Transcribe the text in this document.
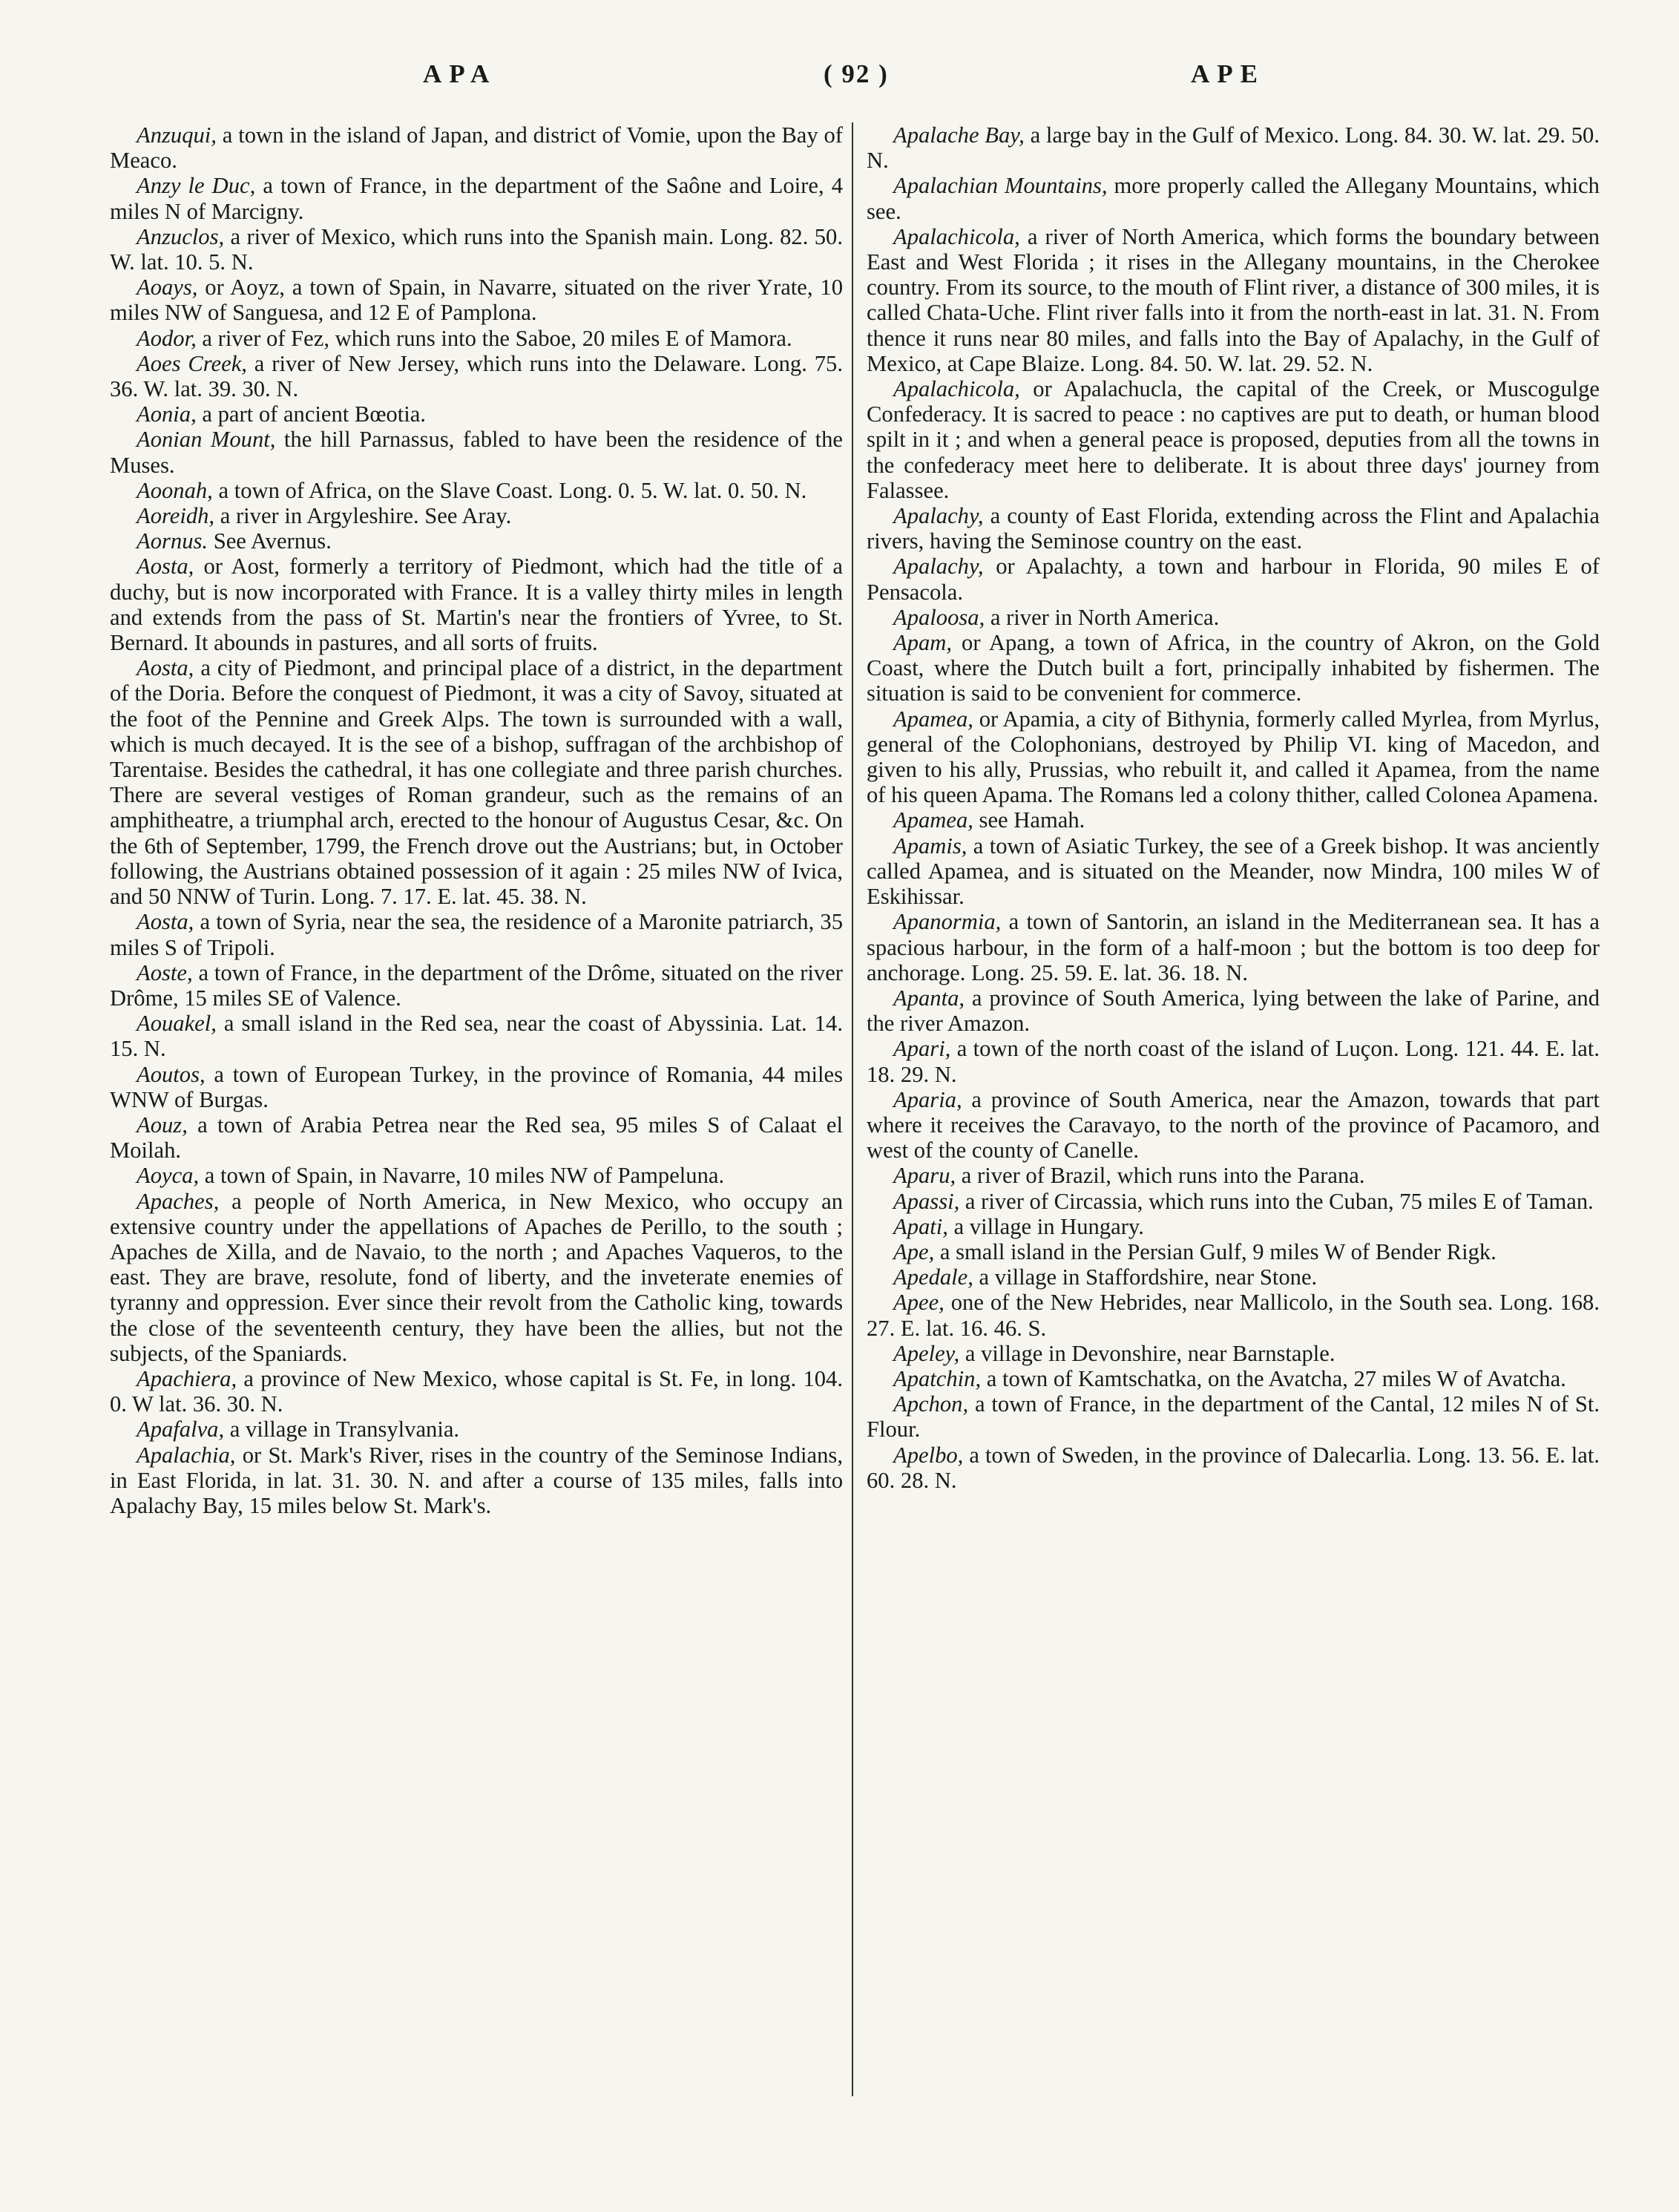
APA	( 92 )	APE

Anzuqui, a town in the island of Japan, and district of Vomie, upon the Bay of Meaco.

Anzy le Duc, a town of France, in the department of the Saône and Loire, 4 miles N of Marcigny.

Anzuclos, a river of Mexico, which runs into the Spanish main. Long. 82. 50. W. lat. 10. 5. N.

Aoays, or Aoyz, a town of Spain, in Navarre, situated on the river Yrate, 10 miles NW of Sanguesa, and 12 E of Pamplona.

Aodor, a river of Fez, which runs into the Saboe, 20 miles E of Mamora.

Aoes Creek, a river of New Jersey, which runs into the Delaware. Long. 75. 36. W. lat. 39. 30. N.

Aonia, a part of ancient Bœotia.

Aonian Mount, the hill Parnassus, fabled to have been the residence of the Muses.

Aoonah, a town of Africa, on the Slave Coast. Long. 0. 5. W. lat. 0. 50. N.

Aoreidh, a river in Argyleshire. See Aray.

Aornus. See Avernus.

Aosta, or Aost, formerly a territory of Piedmont, which had the title of a duchy, but is now incorporated with France. It is a valley thirty miles in length and extends from the pass of St. Martin's near the frontiers of Yvree, to St. Bernard. It abounds in pastures, and all sorts of fruits.

Aosta, a city of Piedmont, and principal place of a district, in the department of the Doria. Before the conquest of Piedmont, it was a city of Savoy, situated at the foot of the Pennine and Greek Alps. The town is surrounded with a wall, which is much decayed. It is the see of a bishop, suffragan of the archbishop of Tarentaise. Besides the cathedral, it has one collegiate and three parish churches. There are several vestiges of Roman grandeur, such as the remains of an amphitheatre, a triumphal arch, erected to the honour of Augustus Cesar, &c. On the 6th of September, 1799, the French drove out the Austrians; but, in October following, the Austrians obtained possession of it again : 25 miles NW of Ivica, and 50 NNW of Turin. Long. 7. 17. E. lat. 45. 38. N.

Aosta, a town of Syria, near the sea, the residence of a Maronite patriarch, 35 miles S of Tripoli.

Aoste, a town of France, in the department of the Drôme, situated on the river Drôme, 15 miles SE of Valence.

Aouakel, a small island in the Red sea, near the coast of Abyssinia. Lat. 14. 15. N.

Aoutos, a town of European Turkey, in the province of Romania, 44 miles WNW of Burgas.

Aouz, a town of Arabia Petrea near the Red sea, 95 miles S of Calaat el Moilah.

Aoyca, a town of Spain, in Navarre, 10 miles NW of Pampeluna.

Apaches, a people of North America, in New Mexico, who occupy an extensive country under the appellations of Apaches de Perillo, to the south ; Apaches de Xilla, and de Navaio, to the north ; and Apaches Vaqueros, to the east. They are brave, resolute, fond of liberty, and the inveterate enemies of tyranny and oppression. Ever since their revolt from the Catholic king, towards the close of the seventeenth century, they have been the allies, but not the subjects, of the Spaniards.

Apachiera, a province of New Mexico, whose capital is St. Fe, in long. 104. 0. W lat. 36. 30. N.

Apafalva, a village in Transylvania.

Apalachia, or St. Mark's River, rises in the country of the Seminose Indians, in East Florida, in lat. 31. 30. N. and after a course of 135 miles, falls into Apalachy Bay, 15 miles below St. Mark's.

Apalache Bay, a large bay in the Gulf of Mexico. Long. 84. 30. W. lat. 29. 50. N.

Apalachian Mountains, more properly called the Allegany Mountains, which see.

Apalachicola, a river of North America, which forms the boundary between East and West Florida ; it rises in the Allegany mountains, in the Cherokee country. From its source, to the mouth of Flint river, a distance of 300 miles, it is called Chata-Uche. Flint river falls into it from the north-east in lat. 31. N. From thence it runs near 80 miles, and falls into the Bay of Apalachy, in the Gulf of Mexico, at Cape Blaize. Long. 84. 50. W. lat. 29. 52. N.

Apalachicola, or Apalachucla, the capital of the Creek, or Muscogulge Confederacy. It is sacred to peace : no captives are put to death, or human blood spilt in it ; and when a general peace is proposed, deputies from all the towns in the confederacy meet here to deliberate. It is about three days' journey from Falassee.

Apalachy, a county of East Florida, extending across the Flint and Apalachia rivers, having the Seminose country on the east.

Apalachy, or Apalachty, a town and harbour in Florida, 90 miles E of Pensacola.

Apaloosa, a river in North America.

Apam, or Apang, a town of Africa, in the country of Akron, on the Gold Coast, where the Dutch built a fort, principally inhabited by fishermen. The situation is said to be convenient for commerce.

Apamea, or Apamia, a city of Bithynia, formerly called Myrlea, from Myrlus, general of the Colophonians, destroyed by Philip VI. king of Macedon, and given to his ally, Prussias, who rebuilt it, and called it Apamea, from the name of his queen Apama. The Romans led a colony thither, called Colonea Apamena.

Apamea, see Hamah.

Apamis, a town of Asiatic Turkey, the see of a Greek bishop. It was anciently called Apamea, and is situated on the Meander, now Mindra, 100 miles W of Eskihissar.

Apanormia, a town of Santorin, an island in the Mediterranean sea. It has a spacious harbour, in the form of a half-moon ; but the bottom is too deep for anchorage. Long. 25. 59. E. lat. 36. 18. N.

Apanta, a province of South America, lying between the lake of Parine, and the river Amazon.

Apari, a town of the north coast of the island of Luçon. Long. 121. 44. E. lat. 18. 29. N.

Aparia, a province of South America, near the Amazon, towards that part where it receives the Caravayo, to the north of the province of Pacamoro, and west of the county of Canelle.

Aparu, a river of Brazil, which runs into the Parana.

Apassi, a river of Circassia, which runs into the Cuban, 75 miles E of Taman.

Apati, a village in Hungary.

Ape, a small island in the Persian Gulf, 9 miles W of Bender Rigk.

Apedale, a village in Staffordshire, near Stone.

Apee, one of the New Hebrides, near Mallicolo, in the South sea. Long. 168. 27. E. lat. 16. 46. S.

Apeley, a village in Devonshire, near Barnstaple.

Apatchin, a town of Kamtschatka, on the Avatcha, 27 miles W of Avatcha.

Apchon, a town of France, in the department of the Cantal, 12 miles N of St. Flour.

Apelbo, a town of Sweden, in the province of Dalecarlia. Long. 13. 56. E. lat. 60. 28. N.
